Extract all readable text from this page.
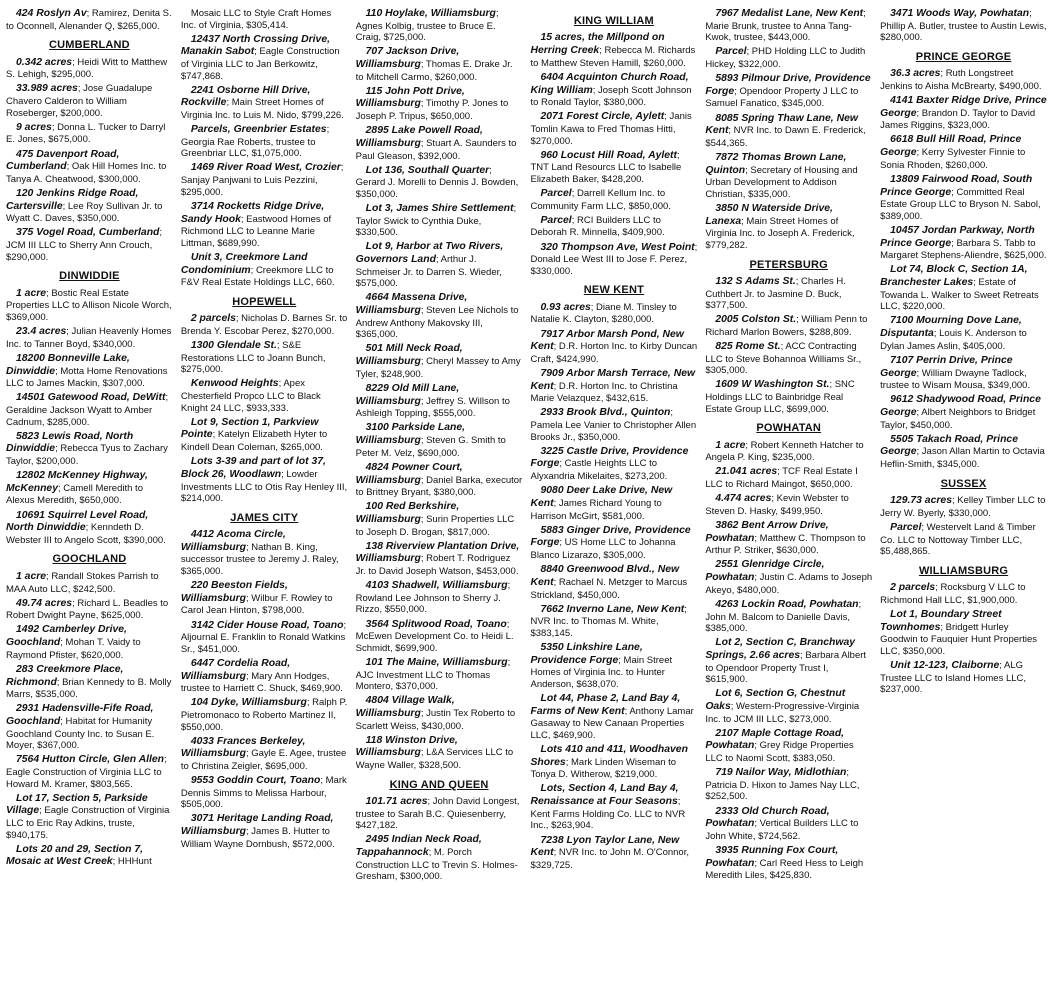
424 Roslyn Av; Ramirez, Denita S. to Oconnell, Alenander Q, $265,000.
CUMBERLAND
0.342 acres; Heidi Witt to Matthew S. Lehigh, $295,000.
33.989 acres; Jose Guadalupe Chavero Calderon to William Roseberger, $200,000.
9 acres; Donna L. Tucker to Darryl E. Jones, $675,000.
475 Davenport Road, Cumberland; Oak Hill Homes Inc. to Tanya A. Cheatwood, $300,000.
120 Jenkins Ridge Road, Cartersville; Lee Roy Sullivan Jr. to Wyatt C. Daves, $350,000.
375 Vogel Road, Cumberland; JCM III LLC to Sherry Ann Crouch, $290,000.
DINWIDDIE
1 acre; Bostic Real Estate Properties LLC to Allison Nicole Worch, $369,000.
23.4 acres; Julian Heavenly Homes Inc. to Tanner Boyd, $340,000.
18200 Bonneville Lake, Dinwiddie; Motta Home Renovations LLC to James Mackin, $307,000.
14501 Gatewood Road, DeWitt; Geraldine Jackson Wyatt to Amber Cadnum, $285,000.
5823 Lewis Road, North Dinwiddie; Rebecca Tyus to Zachary Taylor, $200,000.
12802 McKenney Highway, McKenney; Camell Meredith to Alexus Meredith, $650,000.
10691 Squirrel Level Road, North Dinwiddie; Kenndeth D. Webster III to Angelo Scott, $390,000.
GOOCHLAND
1 acre; Randall Stokes Parrish to MAA Auto LLC, $242,500.
49.74 acres; Richard L. Beadles to Robert Dwight Payne, $625,000.
1492 Camberley Drive, Goochland; Mohan T. Vaidy to Raymond Pfister, $620,000.
283 Creekmore Place, Richmond; Brian Kennedy to B. Molly Marrs, $535,000.
2931 Hadensville-Fife Road, Goochland; Habitat for Humanity Goochland County Inc. to Susan E. Moyer, $367,000.
7564 Hutton Circle, Glen Allen; Eagle Construction of Virginia LLC to Howard M. Kramer, $803,565.
Lot 17, Section 5, Parkside Village; Eagle Construction of Virginia LLC to Eric Ray Adkins, truste, $940,175.
Lots 20 and 29, Section 7, Mosaic at West Creek; HHHunt
Mosaic LLC to Style Craft Homes Inc. of Virginia, $305,414.
12437 North Crossing Drive, Manakin Sabot; Eagle Construction of Virginia LLC to Jan Berkowitz, $747,868.
2241 Osborne Hill Drive, Rockville; Main Street Homes of Virginia Inc. to Luis M. Nido, $799,226.
Parcels, Greenbrier Estates; Georgia Rae Roberts, trustee to Greenbriar LLC, $1,075,000.
1469 River Road West, Crozier; Sanjay Panjwani to Luis Pezzini, $295,000.
3714 Rocketts Ridge Drive, Sandy Hook; Eastwood Homes of Richmond LLC to Leanne Marie Littman, $689,990.
Unit 3, Creekmore Land Condominium; Creekmore LLC to F&V Real Estate Holdings LLC, 660.
HOPEWELL
2 parcels; Nicholas D. Barnes Sr. to Brenda Y. Escobar Perez, $270,000.
1300 Glendale St.; S&E Restorations LLC to Joann Bunch, $275,000.
Kenwood Heights; Apex Chesterfield Propco LLC to Black Knight 24 LLC, $933,333.
Lot 9, Section 1, Parkview Pointe; Katelyn Elizabeth Hyter to Kindell Dean Coleman, $265,000.
Lots 3-39 and part of lot 37, Block 26, Woodlawn; Lowder Investments LLC to Otis Ray Henley III, $214,000.
JAMES CITY
4412 Acoma Circle, Williamsburg; Nathan B. King, successor trustee to Jeremy J. Raley, $365,000.
220 Beeston Fields, Williamsburg; Wilbur F. Rowley to Carol Jean Hinton, $798,000.
3142 Cider House Road, Toano; Aljournal E. Franklin to Ronald Watkins Sr., $451,000.
6447 Cordelia Road, Williamsburg; Mary Ann Hodges, trustee to Harriett C. Shuck, $469,900.
104 Dyke, Williamsburg; Ralph P. Pietromonaco to Roberto Martinez II, $550,000.
4033 Frances Berkeley, Williamsburg; Gayle E. Agee, trustee to Christina Zeigler, $695,000.
9553 Goddin Court, Toano; Mark Dennis Simms to Melissa Harbour, $505,000.
3071 Heritage Landing Road, Williamsburg; James B. Hutter to William Wayne Dornbush, $572,000.
110 Hoylake, Williamsburg; Agnes Kolbig, trustee to Bruce E. Craig, $725,000.
707 Jackson Drive, Williamsburg; Thomas E. Drake Jr. to Mitchell Carmo, $260,000.
115 John Pott Drive, Williamsburg; Timothy P. Jones to Joseph P. Tripus, $650,000.
2895 Lake Powell Road, Williamsburg; Stuart A. Saunders to Paul Gleason, $392,000.
Lot 136, Southall Quarter; Gerard J. Morelli to Dennis J. Bowden, $350,000.
Lot 3, James Shire Settlement; Taylor Swick to Cynthia Duke, $330,500.
Lot 9, Harbor at Two Rivers, Governors Land; Arthur J. Schmeiser Jr. to Darren S. Wieder, $575,000.
4664 Massena Drive, Williamsburg; Steven Lee Nichols to Andrew Anthony Makovsky III, $365,000.
501 Mill Neck Road, Williamsburg; Cheryl Massey to Amy Tyler, $248,900.
8229 Old Mill Lane, Williamsburg; Jeffrey S. Willson to Ashleigh Topping, $555,000.
3100 Parkside Lane, Williamsburg; Steven G. Smith to Peter M. Velz, $690,000.
4824 Powner Court, Williamsburg; Daniel Barka, executor to Brittney Bryant, $380,000.
100 Red Berkshire, Williamsburg; Surin Properties LLC to Joseph D. Brogan, $817,000.
138 Riverview Plantation Drive, Williamsburg; Robert T. Rodriguez Jr. to David Joseph Watson, $453,000.
4103 Shadwell, Williamsburg; Rowland Lee Johnson to Sherry J. Rizzo, $550,000.
3564 Splitwood Road, Toano; McEwen Development Co. to Heidi L. Schmidt, $699,900.
101 The Maine, Williamsburg; AJC Investment LLC to Thomas Montero, $370,000.
4804 Village Walk, Williamsburg; Justin Tex Roberto to Scarlett Weiss, $430,000.
118 Winston Drive, Williamsburg; L&A Services LLC to Wayne Waller, $328,500.
KING AND QUEEN
101.71 acres; John David Longest, trustee to Sarah B.C. Quiesenberry, $427,182.
2495 Indian Neck Road, Tappahannock; M. Porch Construction LLC to Trevin S. Holmes-Gresham, $300,000.
KING WILLIAM
15 acres, the Millpond on Herring Creek; Rebecca M. Richards to Matthew Steven Hamill, $260,000.
6404 Acquinton Church Road, King William; Joseph Scott Johnson to Ronald Taylor, $380,000.
2071 Forest Circle, Aylett; Janis Tomlin Kawa to Fred Thomas Hitti, $270,000.
960 Locust Hill Road, Aylett; TNT Land Resourcs LLC to Isabelle Elizabeth Baker, $428,200.
Parcel; Darrell Kellum Inc. to Community Farm LLC, $850,000.
Parcel; RCI Builders LLC to Deborah R. Minnella, $409,900.
320 Thompson Ave, West Point; Donald Lee West III to Jose F. Perez, $330,000.
NEW KENT
0.93 acres; Diane M. Tinsley to Natalie K. Clayton, $280,000.
7917 Arbor Marsh Pond, New Kent; D.R. Horton Inc. to Kirby Duncan Craft, $424,990.
7909 Arbor Marsh Terrace, New Kent; D.R. Horton Inc. to Christina Marie Velazquez, $432,615.
2933 Brook Blvd., Quinton; Pamela Lee Vanier to Christopher Allen Brooks Jr., $350,000.
3225 Castle Drive, Providence Forge; Castle Heights LLC to Alyxandria Mikelaites, $273,200.
9080 Deer Lake Drive, New Kent; James Richard Young to Harrison McGirt, $581,000.
5883 Ginger Drive, Providence Forge; US Home LLC to Johanna Blanco Lizarazo, $305,000.
8840 Greenwood Blvd., New Kent; Rachael N. Metzger to Marcus Strickland, $450,000.
7662 Inverno Lane, New Kent; NVR Inc. to Thomas M. White, $383,145.
5350 Linkshire Lane, Providence Forge; Main Street Homes of Virginia Inc. to Hunter Anderson, $638,070.
Lot 44, Phase 2, Land Bay 4, Farms of New Kent; Anthony Lamar Gasaway to New Canaan Properties LLC, $469,900.
Lots 410 and 411, Woodhaven Shores; Mark Linden Wiseman to Tonya D. Witherow, $219,000.
Lots, Section 4, Land Bay 4, Renaissance at Four Seasons; Kent Farms Holding Co. LLC to NVR Inc., $263,904.
7238 Lyon Taylor Lane, New Kent; NVR Inc. to John M. O'Connor, $329,725.
7967 Medalist Lane, New Kent; Marie Brunk, trustee to Anna Tang-Kwok, trustee, $443,000.
Parcel; PHD Holding LLC to Judith Hickey, $322,000.
5893 Pilmour Drive, Providence Forge; Opendoor Property J LLC to Samuel Fanatico, $345,000.
8085 Spring Thaw Lane, New Kent; NVR Inc. to Dawn E. Frederick, $544,365.
7872 Thomas Brown Lane, Quinton; Secretary of Housing and Urban Development to Addison Christian, $335,000.
3850 N Waterside Drive, Lanexa; Main Street Homes of Virginia Inc. to Joseph A. Frederick, $779,282.
PETERSBURG
132 S Adams St.; Charles H. Cuthbert Jr. to Jasmine D. Buck, $377,500.
2005 Colston St.; William Penn to Richard Marlon Bowers, $288,809.
825 Rome St.; ACC Contracting LLC to Steve Bohannoa Williams Sr., $305,000.
1609 W Washington St.; SNC Holdings LLC to Bainbridge Real Estate Group LLC, $699,000.
POWHATAN
1 acre; Robert Kenneth Hatcher to Angela P. King, $235,000.
21.041 acres; TCF Real Estate I LLC to Richard Maingot, $650,000.
4.474 acres; Kevin Webster to Steven D. Hasky, $499,950.
3862 Bent Arrow Drive, Powhatan; Matthew C. Thompson to Arthur P. Striker, $630,000.
2551 Glenridge Circle, Powhatan; Justin C. Adams to Joseph Akeyo, $480,000.
4263 Lockin Road, Powhatan; John M. Balcom to Danielle Davis, $385,000.
Lot 2, Section C, Branchway Springs, 2.66 acres; Barbara Albert to Opendoor Property Trust I, $615,900.
Lot 6, Section G, Chestnut Oaks; Western-Progressive-Virginia Inc. to JCM III LLC, $273,000.
2107 Maple Cottage Road, Powhatan; Grey Ridge Properties LLC to Naomi Scott, $383,050.
719 Nailor Way, Midlothian; Patricia D. Hixon to James Nay LLC, $252,500.
2333 Old Church Road, Powhatan; Vertical Builders LLC to John White, $724,562.
3935 Running Fox Court, Powhatan; Carl Reed Hess to Leigh Meredith Liles, $425,830.
3471 Woods Way, Powhatan; Phillip A. Butler, trustee to Austin Lewis, $280,000.
PRINCE GEORGE
36.3 acres; Ruth Longstreet Jenkins to Aisha McBrearty, $490,000.
4141 Baxter Ridge Drive, Prince George; Brandon D. Taylor to David James Riggins, $323,000.
6618 Bull Hill Road, Prince George; Kerry Sylvester Finnie to Sonia Rhoden, $260,000.
13809 Fairwood Road, South Prince George; Committed Real Estate Group LLC to Bryson N. Sabol, $389,000.
10457 Jordan Parkway, North Prince George; Barbara S. Tabb to Margaret Stephens-Aliendre, $625,000.
Lot 74, Block C, Section 1A, Branchester Lakes; Estate of Towanda L. Walker to Sweet Retreats LLC, $220,000.
7100 Mourning Dove Lane, Disputanta; Louis K. Anderson to Dylan James Aslin, $405,000.
7107 Perrin Drive, Prince George; William Dwayne Tadlock, trustee to Wisam Mousa, $349,000.
9612 Shadywood Road, Prince George; Albert Neighbors to Bridget Taylor, $450,000.
5505 Takach Road, Prince George; Jason Allan Martin to Octavia Heflin-Smith, $345,000.
SUSSEX
129.73 acres; Kelley Timber LLC to Jerry W. Byerly, $330,000.
Parcel; Westervelt Land & Timber Co. LLC to Nottoway Timber LLC, $5,488,865.
WILLIAMSBURG
2 parcels; Rocksburg V LLC to Richmond Hall LLC, $1,900,000.
Lot 1, Boundary Street Townhomes; Bridgett Hurley Goodwin to Fauquier Hunt Properties LLC, $350,000.
Unit 12-123, Claiborne; ALG Trustee LLC to Island Homes LLC, $237,000.
